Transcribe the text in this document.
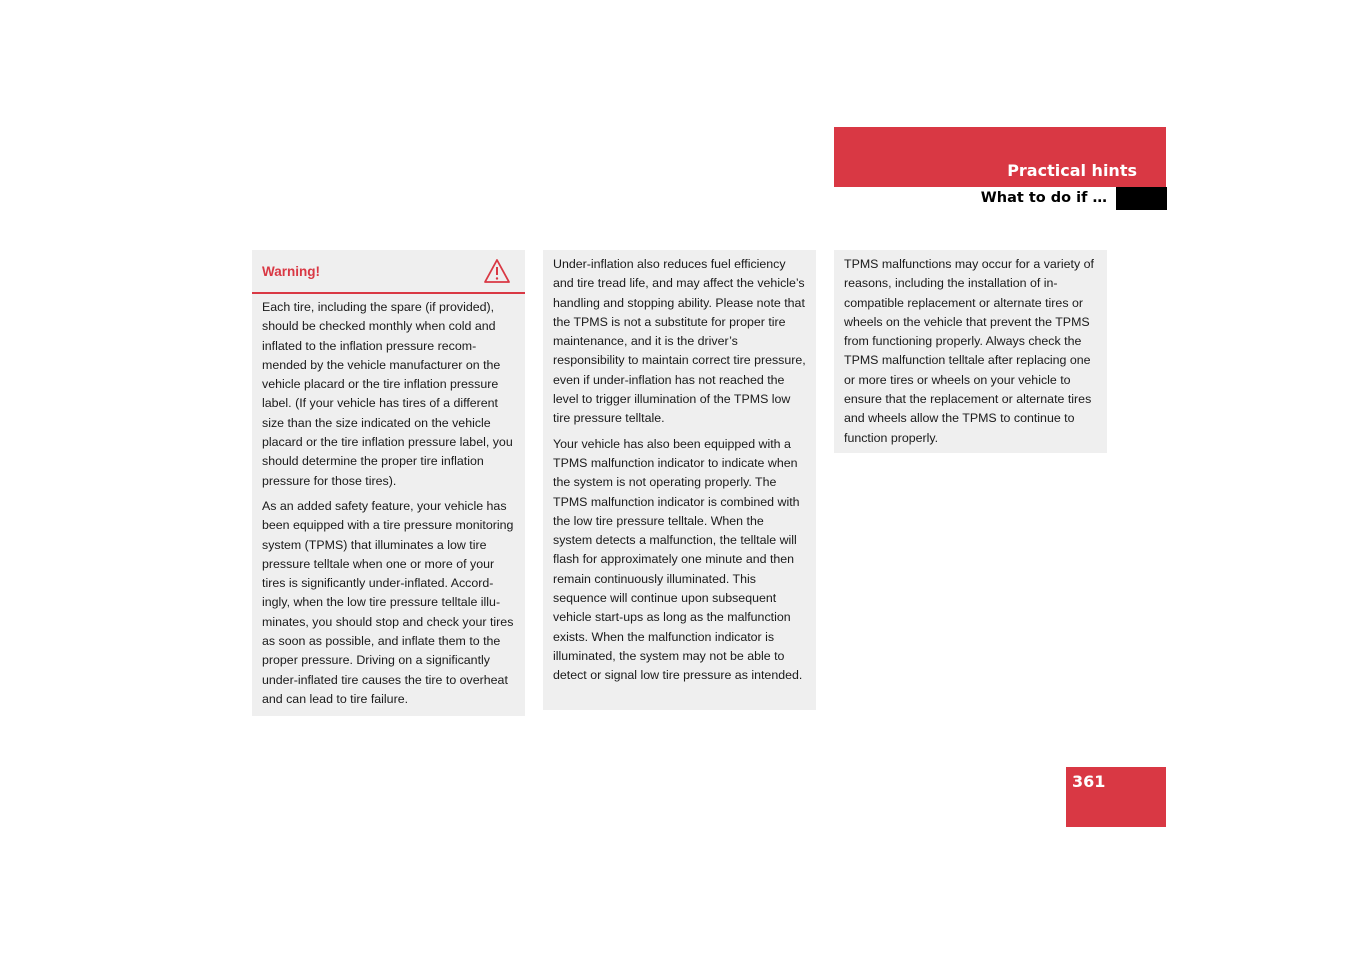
Practical hints
What to do if …
Warning!

Each tire, including the spare (if provided), should be checked monthly when cold and inflated to the inflation pressure recommended by the vehicle manufacturer on the vehicle placard or the tire inflation pressure label. (If your vehicle has tires of a different size than the size indicated on the vehicle placard or the tire inflation pressure label, you should determine the proper tire inflation pressure for those tires).

As an added safety feature, your vehicle has been equipped with a tire pressure monitoring system (TPMS) that illuminates a low tire pressure telltale when one or more of your tires is significantly under-inflated. Accordingly, when the low tire pressure telltale illuminates, you should stop and check your tires as soon as possible, and inflate them to the proper pressure. Driving on a significantly under-inflated tire causes the tire to overheat and can lead to tire failure.

Under-inflation also reduces fuel efficiency and tire tread life, and may affect the vehicle’s handling and stopping ability. Please note that the TPMS is not a substitute for proper tire maintenance, and it is the driver’s responsibility to maintain correct tire pressure, even if under-inflation has not reached the level to trigger illumination of the TPMS low tire pressure telltale.

Your vehicle has also been equipped with a TPMS malfunction indicator to indicate when the system is not operating properly. The TPMS malfunction indicator is combined with the low tire pressure telltale. When the system detects a malfunction, the telltale will flash for approximately one minute and then remain continuously illuminated. This sequence will continue upon subsequent vehicle start-ups as long as the malfunction exists. When the malfunction indicator is illuminated, the system may not be able to detect or signal low tire pressure as intended.

TPMS malfunctions may occur for a variety of reasons, including the installation of incompatible replacement or alternate tires or wheels on the vehicle that prevent the TPMS from functioning properly. Always check the TPMS malfunction telltale after replacing one or more tires or wheels on your vehicle to ensure that the replacement or alternate tires and wheels allow the TPMS to continue to function properly.

361
